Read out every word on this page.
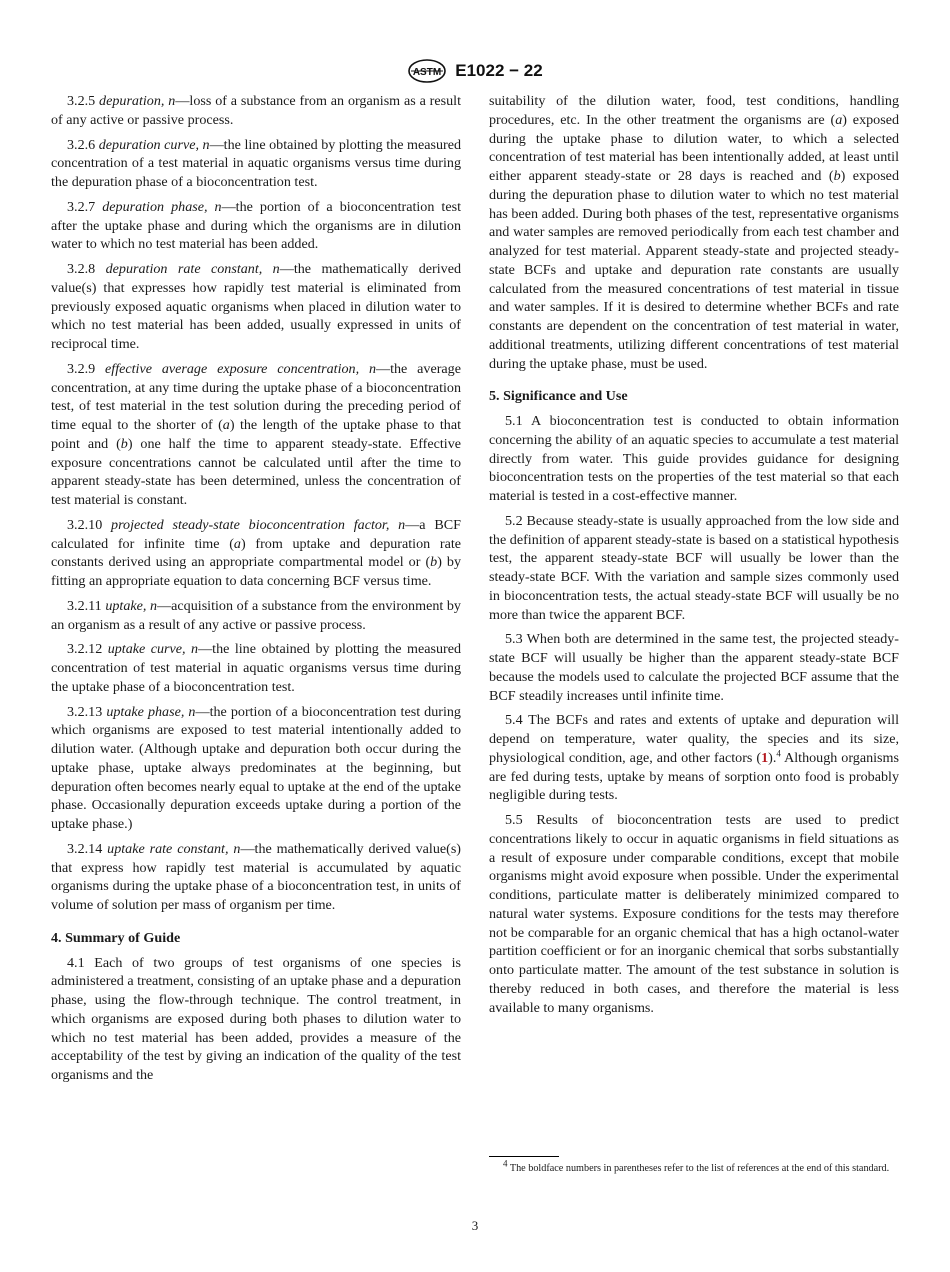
ASTM E1022 − 22

3.2.5 depuration, n—loss of a substance from an organism as a result of any active or passive process.

3.2.6 depuration curve, n—the line obtained by plotting the measured concentration of a test material in aquatic organisms versus time during the depuration phase of a bioconcentration test.

3.2.7 depuration phase, n—the portion of a bioconcentration test after the uptake phase and during which the organisms are in dilution water to which no test material has been added.

3.2.8 depuration rate constant, n—the mathematically derived value(s) that expresses how rapidly test material is eliminated from previously exposed aquatic organisms when placed in dilution water to which no test material has been added, usually expressed in units of reciprocal time.

3.2.9 effective average exposure concentration, n—the average concentration, at any time during the uptake phase of a bioconcentration test, of test material in the test solution during the preceding period of time equal to the shorter of (a) the length of the uptake phase to that point and (b) one half the time to apparent steady-state. Effective exposure concentrations cannot be calculated until after the time to apparent steady-state has been determined, unless the concentration of test material is constant.

3.2.10 projected steady-state bioconcentration factor, n—a BCF calculated for infinite time (a) from uptake and depuration rate constants derived using an appropriate compartmental model or (b) by fitting an appropriate equation to data concerning BCF versus time.

3.2.11 uptake, n—acquisition of a substance from the environment by an organism as a result of any active or passive process.

3.2.12 uptake curve, n—the line obtained by plotting the measured concentration of test material in aquatic organisms versus time during the uptake phase of a bioconcentration test.

3.2.13 uptake phase, n—the portion of a bioconcentration test during which organisms are exposed to test material intentionally added to dilution water. (Although uptake and depuration both occur during the uptake phase, uptake always predominates at the beginning, but depuration often becomes nearly equal to uptake at the end of the uptake phase. Occasionally depuration exceeds uptake during a portion of the uptake phase.)

3.2.14 uptake rate constant, n—the mathematically derived value(s) that express how rapidly test material is accumulated by aquatic organisms during the uptake phase of a bioconcentration test, in units of volume of solution per mass of organism per time.

4. Summary of Guide

4.1 Each of two groups of test organisms of one species is administered a treatment, consisting of an uptake phase and a depuration phase, using the flow-through technique. The control treatment, in which organisms are exposed during both phases to dilution water to which no test material has been added, provides a measure of the acceptability of the test by giving an indication of the quality of the test organisms and the

suitability of the dilution water, food, test conditions, handling procedures, etc. In the other treatment the organisms are (a) exposed during the uptake phase to dilution water, to which a selected concentration of test material has been intentionally added, at least until either apparent steady-state or 28 days is reached and (b) exposed during the depuration phase to dilution water to which no test material has been added. During both phases of the test, representative organisms and water samples are removed periodically from each test chamber and analyzed for test material. Apparent steady-state and projected steady-state BCFs and uptake and depuration rate constants are usually calculated from the measured concentrations of test material in tissue and water samples. If it is desired to determine whether BCFs and rate constants are dependent on the concentration of test material in water, additional treatments, utilizing different concentrations of test material during the uptake phase, must be used.

5. Significance and Use

5.1 A bioconcentration test is conducted to obtain information concerning the ability of an aquatic species to accumulate a test material directly from water. This guide provides guidance for designing bioconcentration tests on the properties of the test material so that each material is tested in a cost-effective manner.

5.2 Because steady-state is usually approached from the low side and the definition of apparent steady-state is based on a statistical hypothesis test, the apparent steady-state BCF will usually be lower than the steady-state BCF. With the variation and sample sizes commonly used in bioconcentration tests, the actual steady-state BCF will usually be no more than twice the apparent BCF.

5.3 When both are determined in the same test, the projected steady-state BCF will usually be higher than the apparent steady-state BCF because the models used to calculate the projected BCF assume that the BCF steadily increases until infinite time.

5.4 The BCFs and rates and extents of uptake and depuration will depend on temperature, water quality, the species and its size, physiological condition, age, and other factors (1).$^4$ Although organisms are fed during tests, uptake by means of sorption onto food is probably negligible during tests.

5.5 Results of bioconcentration tests are used to predict concentrations likely to occur in aquatic organisms in field situations as a result of exposure under comparable conditions, except that mobile organisms might avoid exposure when possible. Under the experimental conditions, particulate matter is deliberately minimized compared to natural water systems. Exposure conditions for the tests may therefore not be comparable for an organic chemical that has a high octanol-water partition coefficient or for an inorganic chemical that sorbs substantially onto particulate matter. The amount of the test substance in solution is thereby reduced in both cases, and therefore the material is less available to many organisms.

$^4$ The boldface numbers in parentheses refer to the list of references at the end of this standard.
3
